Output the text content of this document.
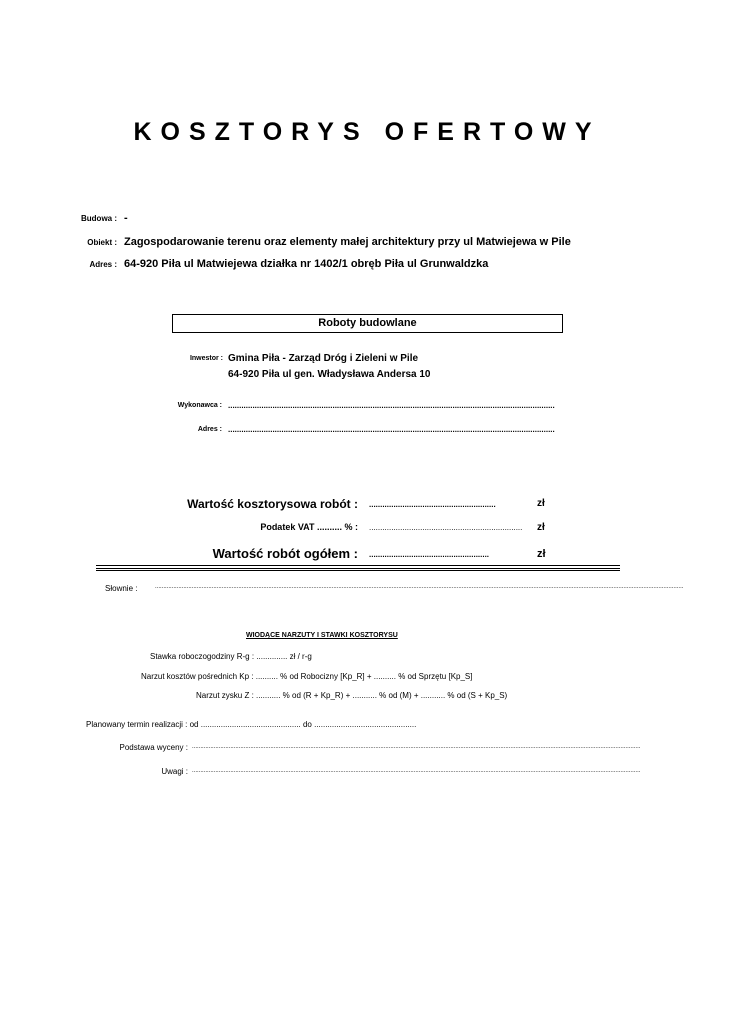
KOSZTORYS OFERTOWY
Budowa : -
Obiekt : Zagospodarowanie terenu oraz elementy małej architektury przy ul Matwiejewa w Pile
Adres : 64-920 Piła ul Matwiejewa działka nr 1402/1 obręb Piła ul Grunwaldzka
Roboty budowlane
Inwestor : Gmina Piła - Zarząd Dróg i Zieleni w Pile
64-920 Piła ul gen. Władysława Andersa 10
Wykonawca : ...................................................................................................................................................
Adres : ...................................................................................................................................................
Wartość kosztorysowa robót : .........................................................	zł
Podatek VAT .......... % : .....................................................................	zł
Wartość robót ogółem : ......................................................	zł
Słownie :	.............................................................................................................................................................................................................................................................................................................................
WIODĄCE NARZUTY I STAWKI KOSZTORYSU
Stawka roboczogodziny R-g : .............. zł / r-g
Narzut kosztów pośrednich Kp : .......... % od Robocizny [Kp_R] + .......... % od Sprzętu [Kp_S]
Narzut zysku Z : ........... % od (R + Kp_R) + ........... % od (M) + ........... % od (S + Kp_S)
Planowany termin realizacji : od ............................................. do ..............................................
Podstawa wyceny : .............................................................................................................................................................................................................................................................................
Uwagi : .............................................................................................................................................................................................................................................................................
